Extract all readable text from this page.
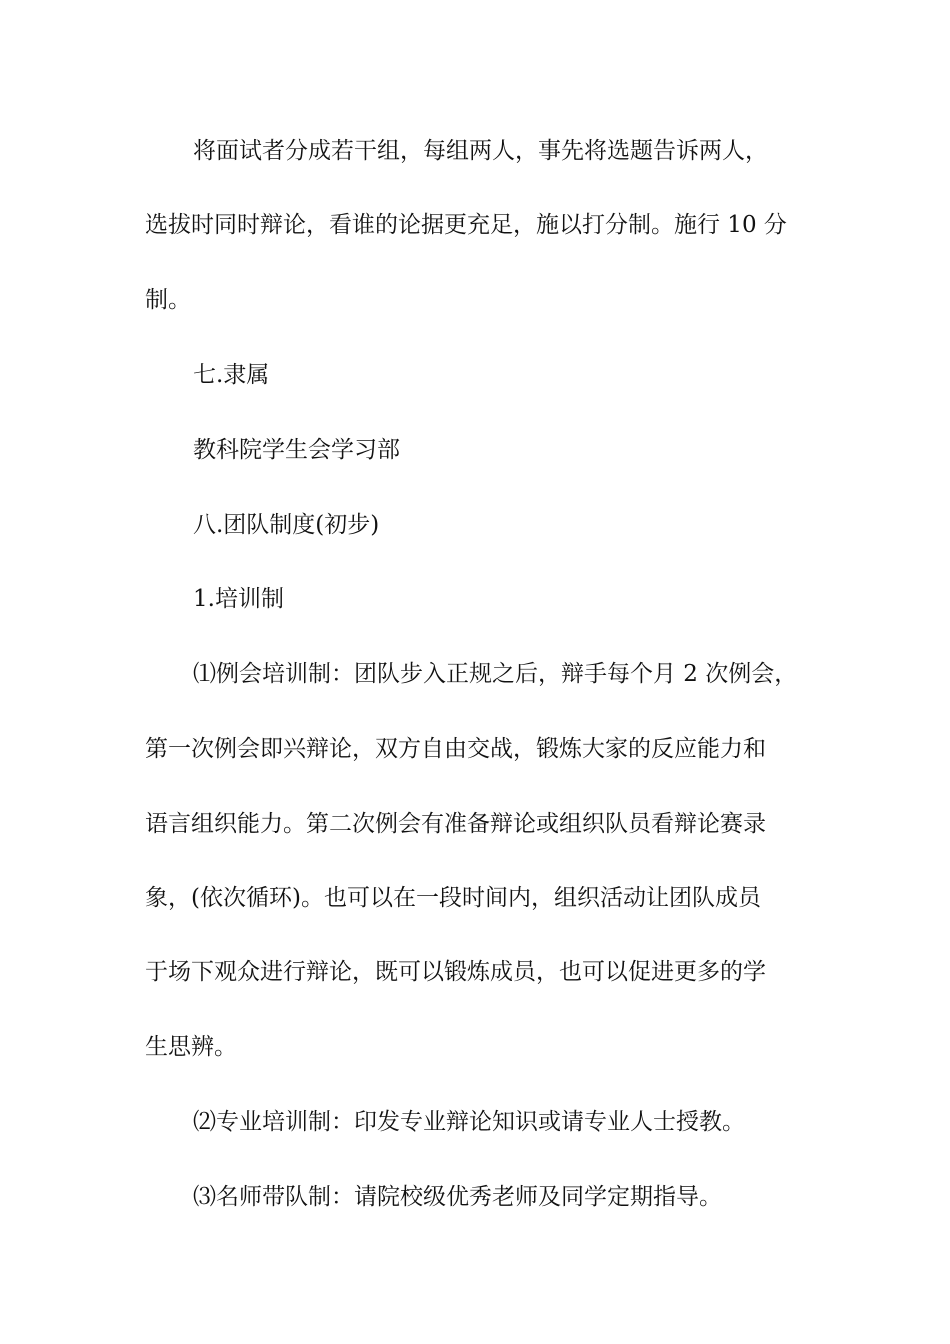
将面试者分成若干组，每组两人，事先将选题告诉两人，
选拔时同时辩论，看谁的论据更充足，施以打分制。施行 10 分
制。
七.隶属
教科院学生会学习部
八.团队制度(初步)
1.培训制
⑴例会培训制：团队步入正规之后，辩手每个月 2 次例会，
第一次例会即兴辩论，双方自由交战，锻炼大家的反应能力和
语言组织能力。第二次例会有准备辩论或组织队员看辩论赛录
象，(依次循环)。也可以在一段时间内，组织活动让团队成员
于场下观众进行辩论，既可以锻炼成员，也可以促进更多的学
生思辨。
⑵专业培训制：印发专业辩论知识或请专业人士授教。
⑶名师带队制：请院校级优秀老师及同学定期指导。
